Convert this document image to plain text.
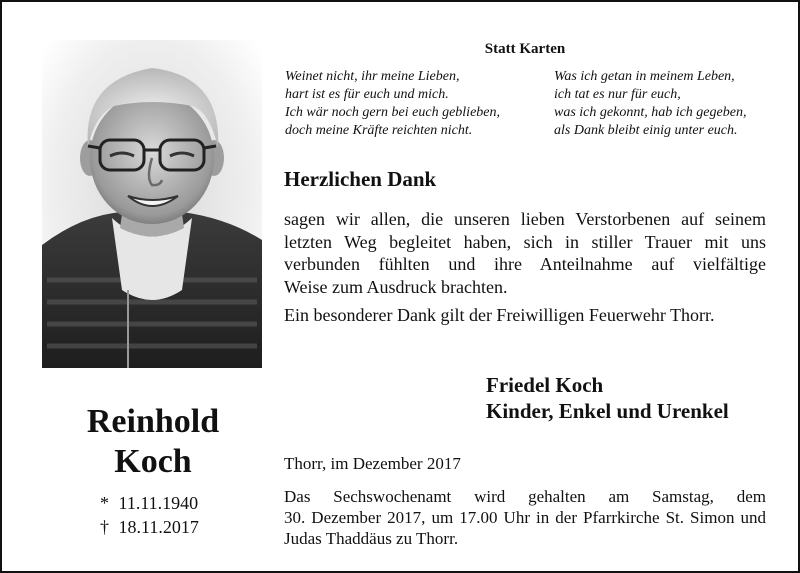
Reinhold
Koch
* 11.11.1940
† 18.11.2017
Statt Karten
Weinet nicht, ihr meine Lieben,
hart ist es für euch und mich.
Ich wär noch gern bei euch geblieben,
doch meine Kräfte reichten nicht.
Was ich getan in meinem Leben,
ich tat es nur für euch,
was ich gekonnt, hab ich gegeben,
als Dank bleibt einig unter euch.
Herzlichen Dank

sagen wir allen, die unseren lieben Verstorbenen auf seinem
letzten Weg begleitet haben, sich in stiller Trauer mit uns
verbunden fühlten und ihre Anteilnahme auf vielfältige
Weise zum Ausdruck brachten.

Ein besonderer Dank gilt der Freiwilligen Feuerwehr Thorr.

Friedel Koch
Kinder, Enkel und Urenkel
Thorr, im Dezember 2017
Das Sechswochenamt wird gehalten am Samstag, dem
30. Dezember 2017, um 17.00 Uhr in der Pfarrkirche St. Simon und
Judas Thaddäus zu Thorr.
